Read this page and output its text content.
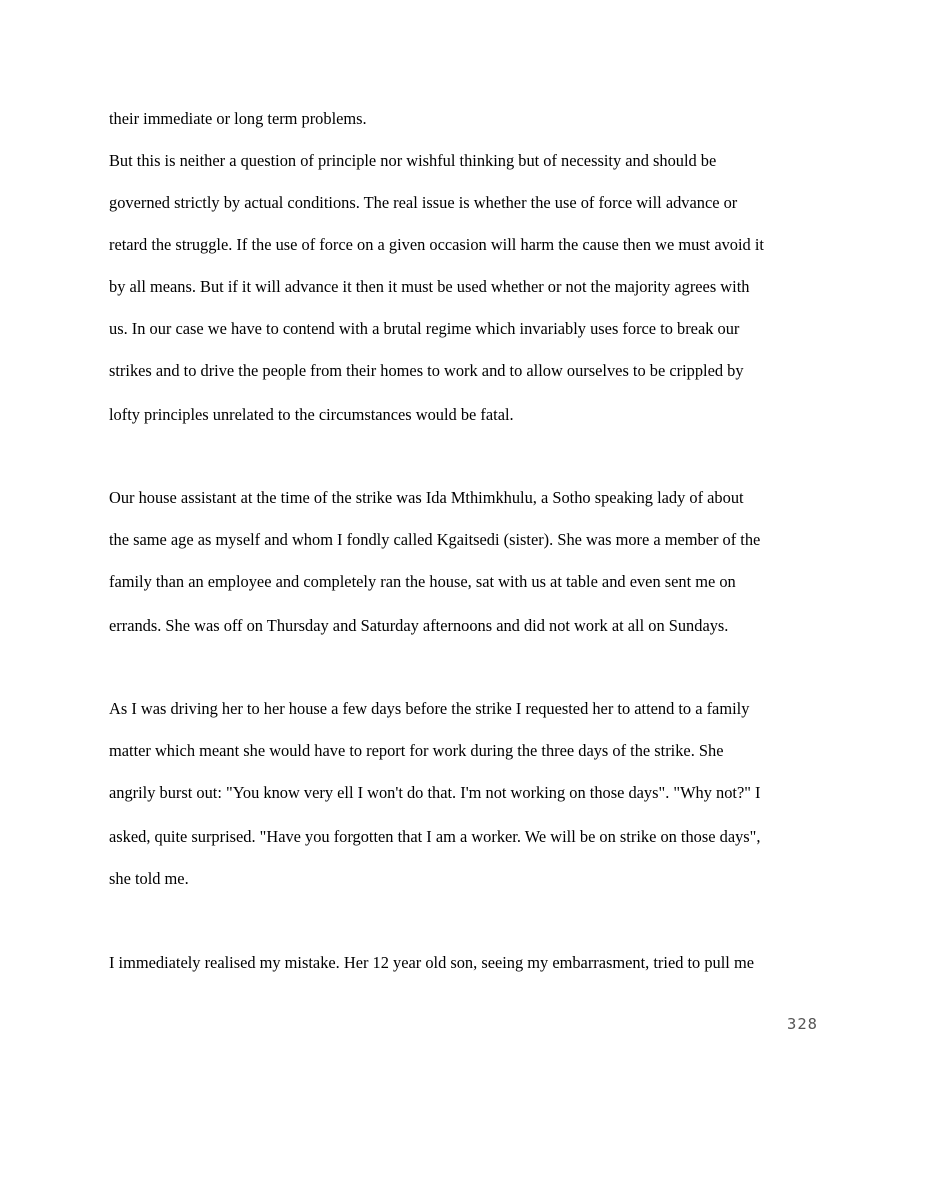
their immediate or long term problems.
But this is neither a question of principle nor wishful thinking but of necessity and should be
governed strictly by actual conditions. The real issue is whether the use of force will advance or
retard the struggle. If the use of force on a given occasion will harm the cause then we must avoid it
by all means. But if it will advance it then it must be used whether or not the majority agrees with
us. In our case we have to contend with a brutal regime which invariably uses force to break our
strikes and to drive the people from their homes to work and to allow ourselves to be crippled by
lofty principles unrelated to the circumstances would be fatal.
Our house assistant at the time of the strike was Ida Mthimkhulu, a Sotho speaking lady of about
the same age as myself and whom I fondly called Kgaitsedi (sister). She was more a member of the
family than an employee and completely ran the house, sat with us at table and even sent me on
errands. She was off on Thursday and Saturday afternoons and did not work at all on Sundays.
As I was driving her to her house a few days before the strike I requested her to attend to a family
matter which meant she would have to report for work during the three days of the strike. She
angrily burst out: "You know very ell I won't do that. I'm not working on those days". "Why not?" I
asked, quite surprised. "Have you forgotten that I am a worker. We will be on strike on those days",
she told me.
I immediately realised my mistake. Her 12 year old son, seeing my embarrasment, tried to pull me
328
